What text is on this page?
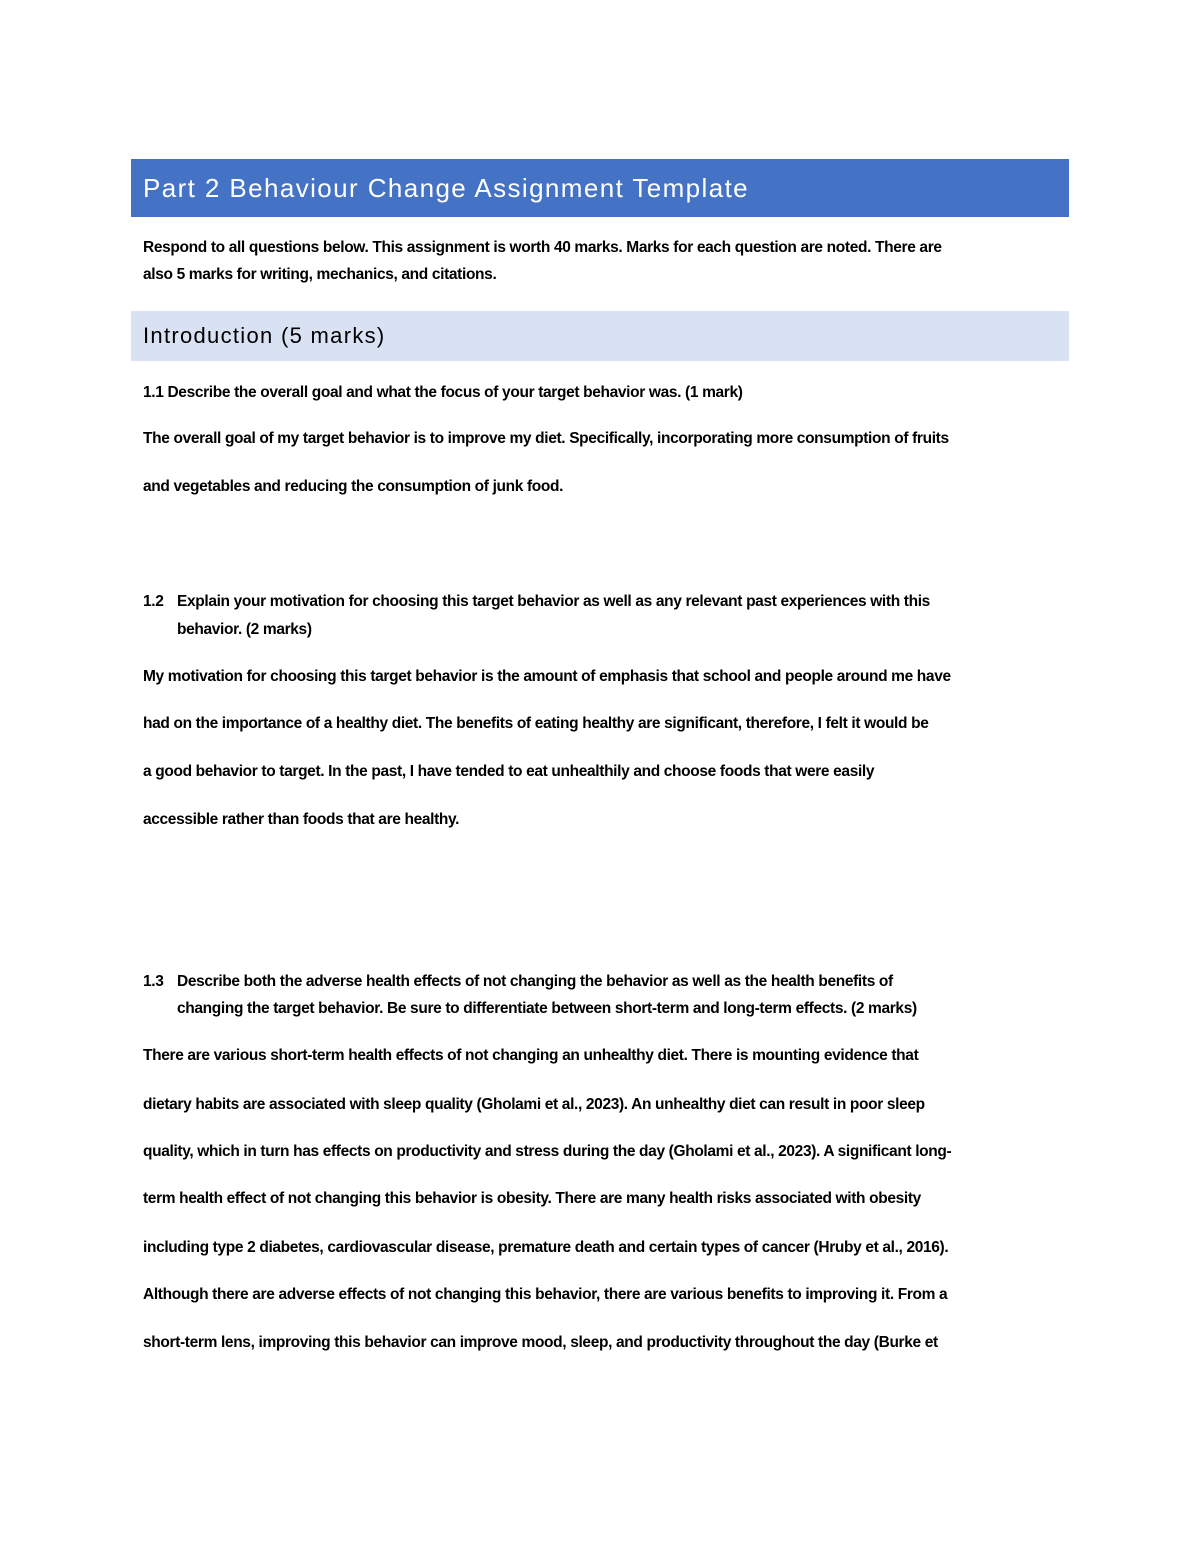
Part 2 Behaviour Change Assignment Template
Respond to all questions below. This assignment is worth 40 marks. Marks for each question are noted. There are
also 5 marks for writing, mechanics, and citations.
Introduction (5 marks)
1.1 Describe the overall goal and what the focus of your target behavior was. (1 mark)
The overall goal of my target behavior is to improve my diet. Specifically, incorporating more consumption of fruits
and vegetables and reducing the consumption of junk food.
1.2 Explain your motivation for choosing this target behavior as well as any relevant past experiences with this
behavior. (2 marks)
My motivation for choosing this target behavior is the amount of emphasis that school and people around me have
had on the importance of a healthy diet. The benefits of eating healthy are significant, therefore, I felt it would be
a good behavior to target. In the past, I have tended to eat unhealthily and choose foods that were easily
accessible rather than foods that are healthy.
1.3 Describe both the adverse health effects of not changing the behavior as well as the health benefits of
changing the target behavior. Be sure to differentiate between short-term and long-term effects. (2 marks)
There are various short-term health effects of not changing an unhealthy diet. There is mounting evidence that
dietary habits are associated with sleep quality (Gholami et al., 2023). An unhealthy diet can result in poor sleep
quality, which in turn has effects on productivity and stress during the day (Gholami et al., 2023). A significant long-
term health effect of not changing this behavior is obesity. There are many health risks associated with obesity
including type 2 diabetes, cardiovascular disease, premature death and certain types of cancer (Hruby et al., 2016).
Although there are adverse effects of not changing this behavior, there are various benefits to improving it. From a
short-term lens, improving this behavior can improve mood, sleep, and productivity throughout the day (Burke et
